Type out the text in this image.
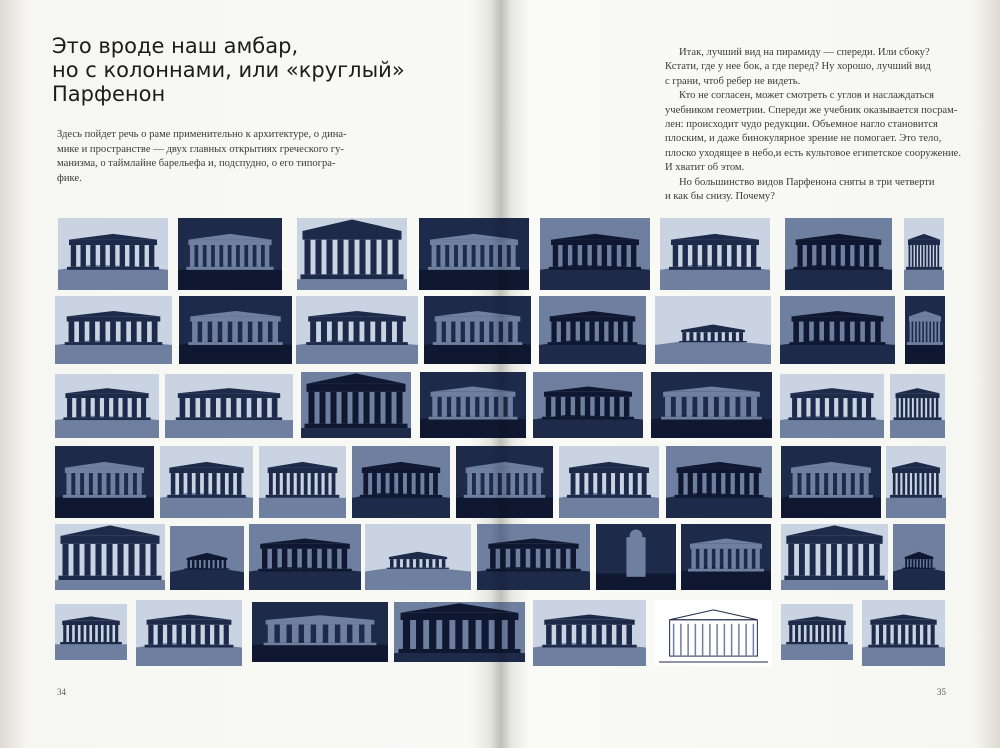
Это вроде наш амбар,
но с колоннами, или «круглый»
Парфенон
Здесь пойдет речь о раме применительно к архитектуре, о дина-
мике и пространстве — двух главных открытиях греческого гу-
манизма, о таймлайне барельефа и, подспудно, о его типогра-
фике.

Итак, лучший вид на пирамиду — спереди. Или сбоку?
Кстати, где у нее бок, а где перед? Ну хорошо, лучший вид
с грани, чтоб ребер не видеть.

Кто не согласен, может смотреть с углов и наслаждаться
учебником геометрии. Спереди же учебник оказывается посрам-
лен: происходит чудо редукции. Объемное нагло становится
плоским, и даже бинокулярное зрение не помогает. Это тело,
плоско уходящее в небо,и есть культовое египетское сооружение.
И хватит об этом.

Но большинство видов Парфенона сняты в три четверти
и как бы снизу. Почему?

34	35
